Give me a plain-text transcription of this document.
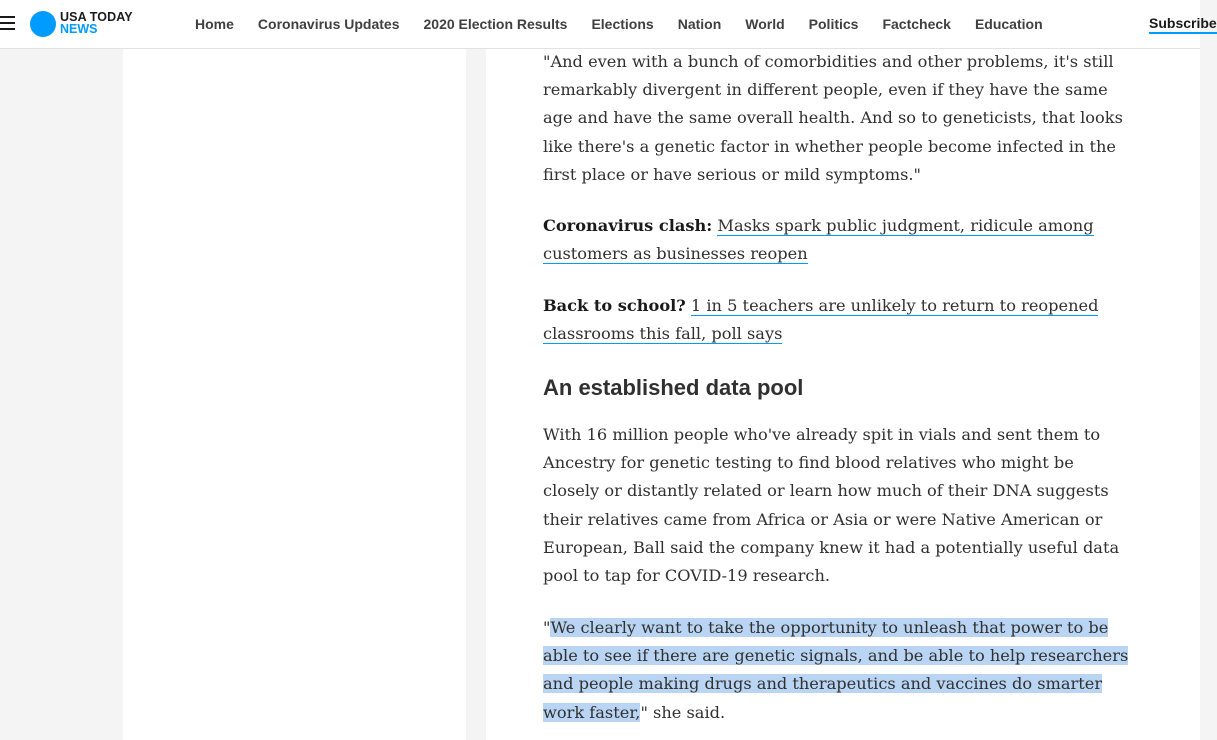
USA TODAY
NEWS	Home Coronavirus Updates 2020 Election Results Elections Nation World Politics Factcheck Education	Subscribe

"And even with a bunch of comorbidities and other problems, it's still remarkably divergent in different people, even if they have the same age and have the same overall health. And so to geneticists, that looks like there's a genetic factor in whether people become infected in the first place or have serious or mild symptoms."

Coronavirus clash: Masks spark public judgment, ridicule among customers as businesses reopen

Back to school? 1 in 5 teachers are unlikely to return to reopened classrooms this fall, poll says

An established data pool

With 16 million people who've already spit in vials and sent them to Ancestry for genetic testing to find blood relatives who might be closely or distantly related or learn how much of their DNA suggests their relatives came from Africa or Asia or were Native American or European, Ball said the company knew it had a potentially useful data pool to tap for COVID-19 research.

"We clearly want to take the opportunity to unleash that power to be able to see if there are genetic signals, and be able to help researchers and people making drugs and therapeutics and vaccines do smarter work faster," she said.
